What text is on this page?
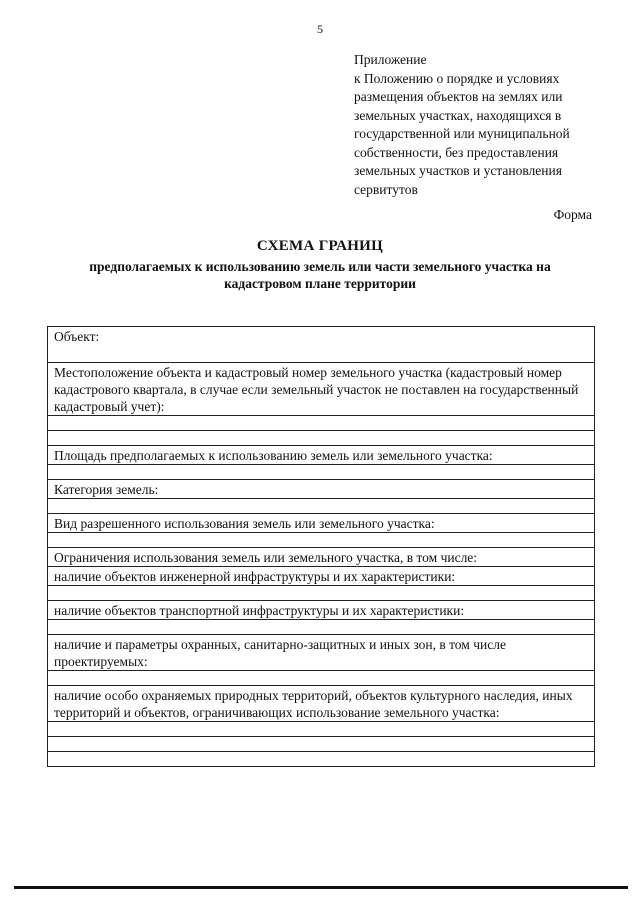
5
Приложение
к Положению о порядке и условиях
размещения объектов на землях или
земельных участках, находящихся в
государственной или муниципальной
собственности, без предоставления
земельных участков и установления
сервитутов
Форма
СХЕМА ГРАНИЦ
предполагаемых к использованию земель или части земельного участка на
кадастровом плане территории
Объект:
Местоположение объекта и кадастровый номер земельного участка (кадастровый номер кадастрового квартала, в случае если земельный участок не поставлен на государственный кадастровый учет):

Площадь предполагаемых к использованию земель или земельного участка:

Категория земель:

Вид разрешенного использования земель или земельного участка:

Ограничения использования земель или земельного участка, в том числе:
наличие объектов инженерной инфраструктуры и их характеристики:

наличие объектов транспортной инфраструктуры и их характеристики:

наличие и параметры охранных, санитарно-защитных и иных зон, в том числе проектируемых:

наличие особо охраняемых природных территорий, объектов культурного наследия, иных территорий и объектов, ограничивающих использование земельного участка:
